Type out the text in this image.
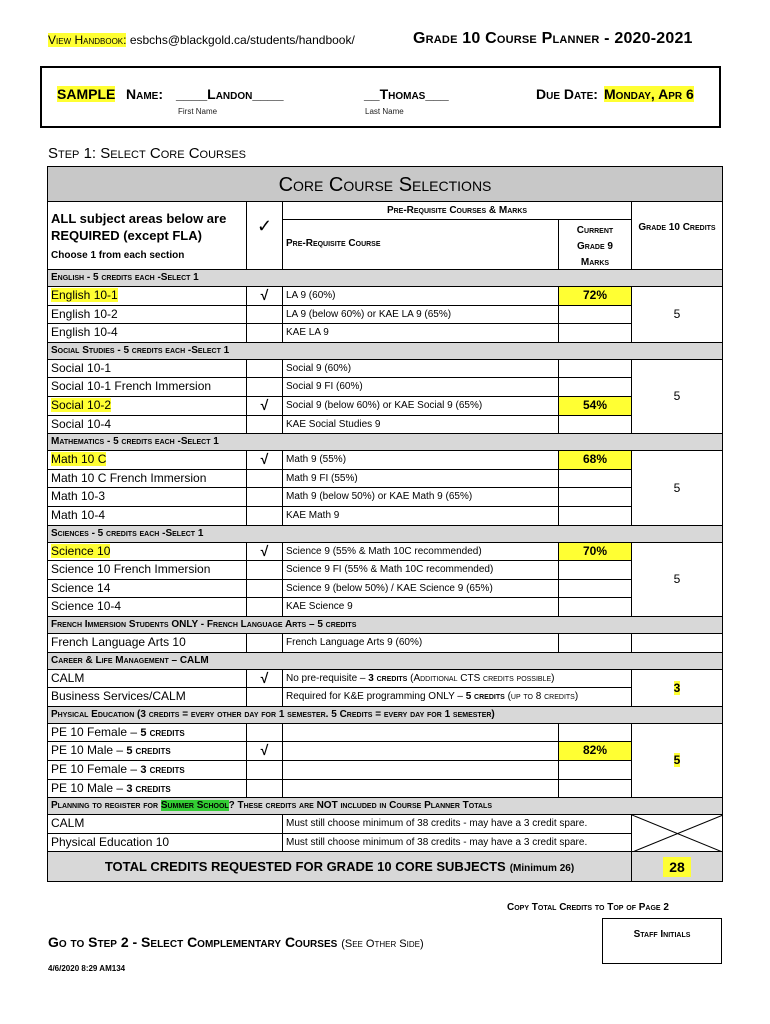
View Handbook: esbchs@blackgold.ca/students/handbook/	Grade 10 Course Planner - 2020-2021
SAMPLE Name: ____Landon____
First Name
__Thomas___
Last Name
Due Date: Monday, Apr 6
Step 1: Select Core Courses
Core Course Selections
ALL subject areas below are REQUIRED (except FLA)
Choose 1 from each section
✓
Pre-Requisite Courses & Marks
Pre-Requisite Course
Current Grade 9 Marks
Grade 10 Credits
English - 5 credits each -Select 1
English 10-1	√	LA 9 (60%)	72%
English 10-2	LA 9 (below 60%) or KAE LA 9 (65%)
English 10-4	KAE LA 9
5
Social Studies - 5 credits each -Select 1
Social 10-1	Social 9 (60%)
Social 10-1 French Immersion	Social 9 FI (60%)
Social 10-2	√	Social 9 (below 60%) or KAE Social 9 (65%)	54%
Social 10-4	KAE Social Studies 9
5
Mathematics - 5 credits each -Select 1
Math 10 C	√	Math 9 (55%)	68%
Math 10 C French Immersion	Math 9 FI (55%)
Math 10-3	Math 9 (below 50%) or KAE Math 9 (65%)
Math 10-4	KAE Math 9
5
Sciences - 5 credits each -Select 1
Science 10	√	Science 9 (55% & Math 10C recommended)	70%
Science 10 French Immersion	Science 9 FI (55% & Math 10C recommended)
Science 14	Science 9 (below 50%) / KAE Science 9 (65%)
Science 10-4	KAE Science 9
5
French Immersion Students ONLY - French Language Arts – 5 credits
French Language Arts 10	French Language Arts 9 (60%)
Career & Life Management – CALM
CALM	√	No pre-requisite – 3 credits (Additional CTS credits possible)
Business Services/CALM	Required for K&E programming ONLY – 5 credits (up to 8 credits)
3
Physical Education (3 credits = every other day for 1 semester. 5 Credits = every day for 1 semester)
PE 10 Female – 5 credits
PE 10 Male – 5 credits	√	82%
PE 10 Female – 3 credits
PE 10 Male – 3 credits
5
Planning to register for Summer School? These credits are NOT included in Course Planner Totals
CALM	Must still choose minimum of 38 credits - may have a 3 credit spare.
Physical Education 10	Must still choose minimum of 38 credits - may have a 3 credit spare.
TOTAL CREDITS REQUESTED FOR GRADE 10 CORE SUBJECTS (Minimum 26)	28
Copy Total Credits to Top of Page 2
Staff Initials
Go to Step 2 - Select Complementary Courses (See Other Side)
4/6/2020 8:29 AM134
